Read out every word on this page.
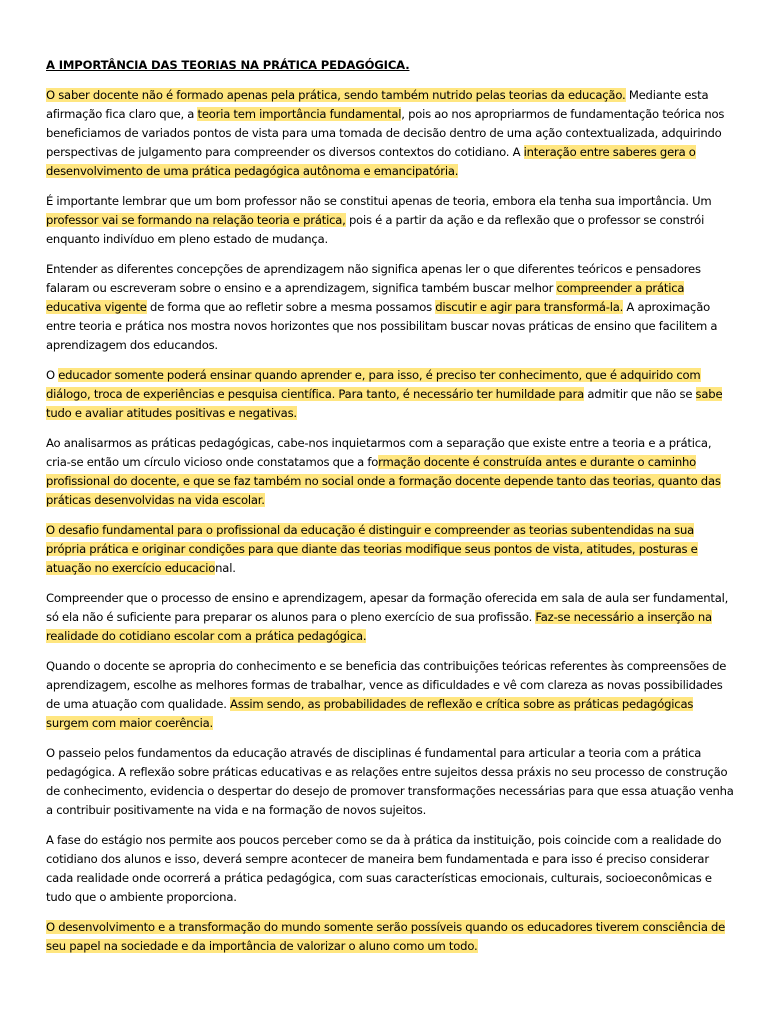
A IMPORTÂNCIA DAS TEORIAS NA PRÁTICA PEDAGÓGICA.

O saber docente não é formado apenas pela prática, sendo também nutrido pelas teorias da educação. Mediante esta afirmação fica claro que, a teoria tem importância fundamental, pois ao nos apropriarmos de fundamentação teórica nos beneficiamos de variados pontos de vista para uma tomada de decisão dentro de uma ação contextualizada, adquirindo perspectivas de julgamento para compreender os diversos contextos do cotidiano. A interação entre saberes gera o desenvolvimento de uma prática pedagógica autônoma e emancipatória.

É importante lembrar que um bom professor não se constitui apenas de teoria, embora ela tenha sua importância. Um professor vai se formando na relação teoria e prática, pois é a partir da ação e da reflexão que o professor se constrói enquanto indivíduo em pleno estado de mudança.

Entender as diferentes concepções de aprendizagem não significa apenas ler o que diferentes teóricos e pensadores falaram ou escreveram sobre o ensino e a aprendizagem, significa também buscar melhor compreender a prática educativa vigente de forma que ao refletir sobre a mesma possamos discutir e agir para transformá-la. A aproximação entre teoria e prática nos mostra novos horizontes que nos possibilitam buscar novas práticas de ensino que facilitem a aprendizagem dos educandos.

O educador somente poderá ensinar quando aprender e, para isso, é preciso ter conhecimento, que é adquirido com diálogo, troca de experiências e pesquisa científica. Para tanto, é necessário ter humildade para admitir que não se sabe tudo e avaliar atitudes positivas e negativas.

Ao analisarmos as práticas pedagógicas, cabe-nos inquietarmos com a separação que existe entre a teoria e a prática, cria-se então um círculo vicioso onde constatamos que a formação docente é construída antes e durante o caminho profissional do docente, e que se faz também no social onde a formação docente depende tanto das teorias, quanto das práticas desenvolvidas na vida escolar.

O desafio fundamental para o profissional da educação é distinguir e compreender as teorias subentendidas na sua própria prática e originar condições para que diante das teorias modifique seus pontos de vista, atitudes, posturas e atuação no exercício educacional.

Compreender que o processo de ensino e aprendizagem, apesar da formação oferecida em sala de aula ser fundamental, só ela não é suficiente para preparar os alunos para o pleno exercício de sua profissão. Faz-se necessário a inserção na realidade do cotidiano escolar com a prática pedagógica.

Quando o docente se apropria do conhecimento e se beneficia das contribuições teóricas referentes às compreensões de aprendizagem, escolhe as melhores formas de trabalhar, vence as dificuldades e vê com clareza as novas possibilidades de uma atuação com qualidade. Assim sendo, as probabilidades de reflexão e crítica sobre as práticas pedagógicas surgem com maior coerência.

O passeio pelos fundamentos da educação através de disciplinas é fundamental para articular a teoria com a prática pedagógica. A reflexão sobre práticas educativas e as relações entre sujeitos dessa práxis no seu processo de construção de conhecimento, evidencia o despertar do desejo de promover transformações necessárias para que essa atuação venha a contribuir positivamente na vida e na formação de novos sujeitos.

A fase do estágio nos permite aos poucos perceber como se da à prática da instituição, pois coincide com a realidade do cotidiano dos alunos e isso, deverá sempre acontecer de maneira bem fundamentada e para isso é preciso considerar cada realidade onde ocorrerá a prática pedagógica, com suas características emocionais, culturais, socioeconômicas e tudo que o ambiente proporciona.

O desenvolvimento e a transformação do mundo somente serão possíveis quando os educadores tiverem consciência de seu papel na sociedade e da importância de valorizar o aluno como um todo.
